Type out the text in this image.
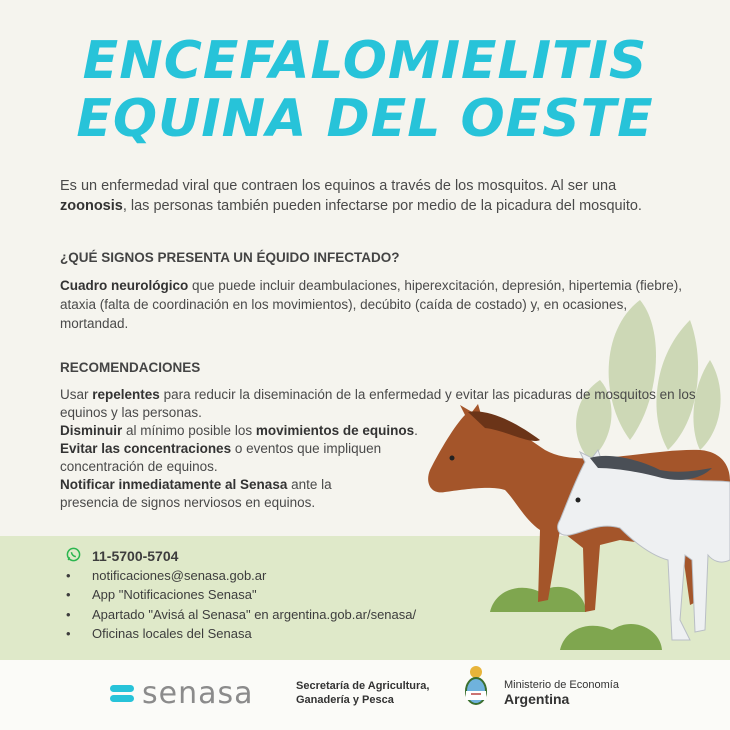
ENCEFALOMIELITIS
EQUINA DEL OESTE
Es un enfermedad viral que contraen los equinos a través de los mosquitos. Al ser una zoonosis, las personas también pueden infectarse por medio de la picadura del mosquito.
¿QUÉ SIGNOS PRESENTA UN ÉQUIDO INFECTADO?
Cuadro neurológico que puede incluir deambulaciones, hiperexcitación, depresión, hipertemia (fiebre), ataxia (falta de coordinación en los movimientos), decúbito (caída de costado) y, en ocasiones, mortandad.
RECOMENDACIONES
Usar repelentes para reducir la diseminación de la enfermedad y evitar las picaduras de mosquitos en los equinos y las personas.
Disminuir al mínimo posible los movimientos de equinos.
Evitar las concentraciones o eventos que impliquen concentración de equinos.
Notificar inmediatamente al Senasa ante la presencia de signos nerviosos en equinos.
11-5700-5704
•	notificaciones@senasa.gob.ar
•	App "Notificaciones Senasa"
•	Apartado "Avisá al Senasa" en argentina.gob.ar/senasa/
•	Oficinas locales del Senasa
senasa	Secretaría de Agricultura,
Ganadería y Pesca
Ministerio de Economía
Argentina
